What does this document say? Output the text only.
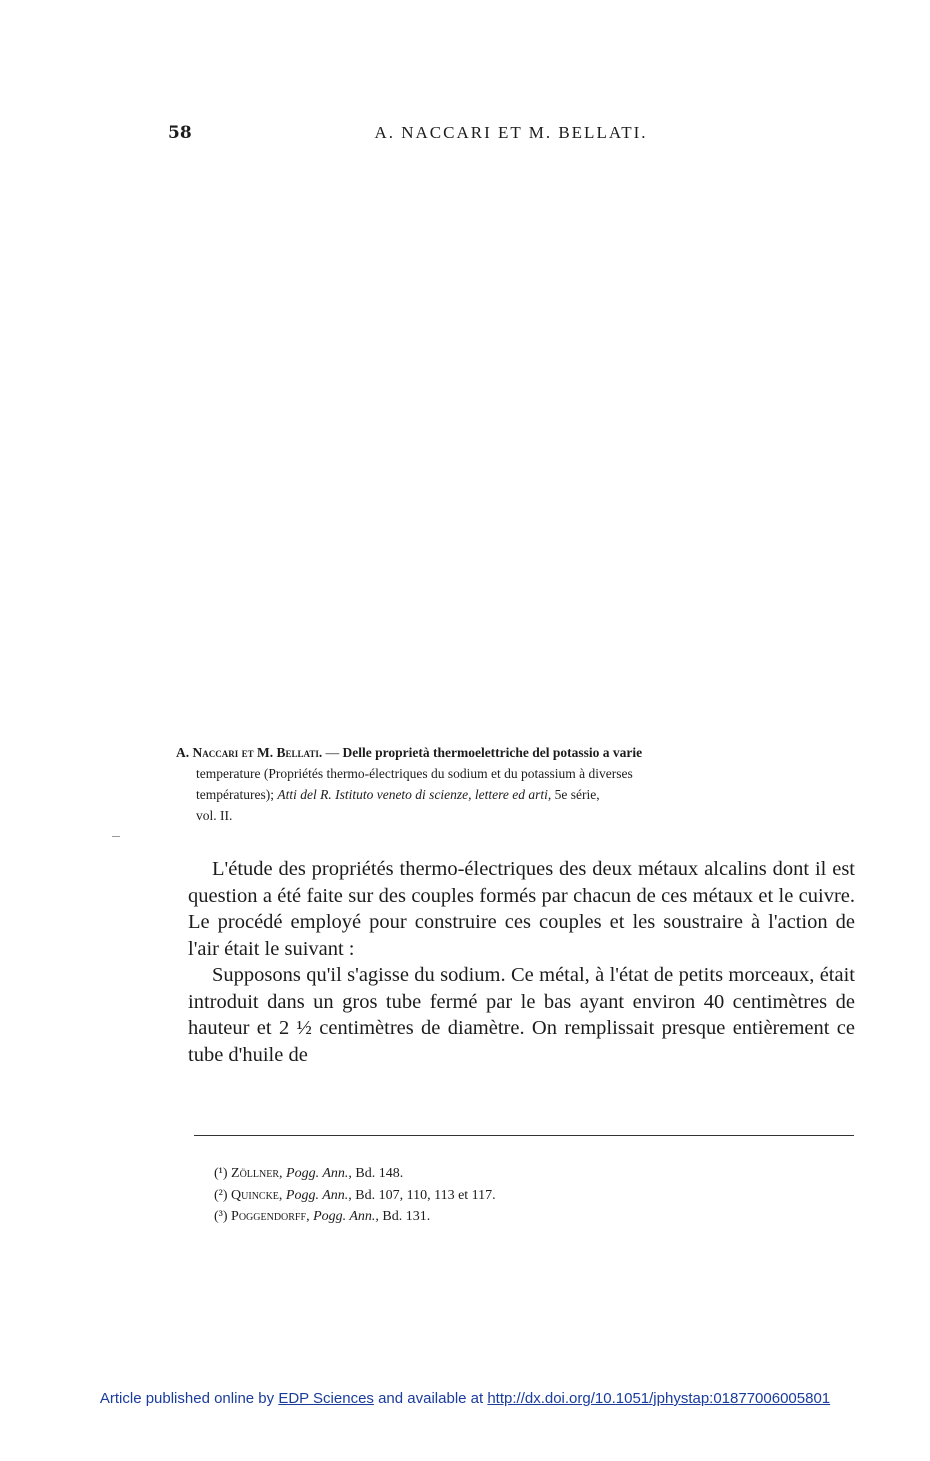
58	A. NACCARI ET M. BELLATI.
A. Naccari et M. Bellati. — Delle proprietà thermoelettriche del potassio a varie
temperature (Propriétés thermo-électriques du sodium et du potassium à diverses
températures); Atti del R. Istituto veneto di scienze, lettere ed arti, 5e série,
vol. II.

L'étude des propriétés thermo-électriques des deux métaux alcalins dont il est question a été faite sur des couples formés par chacun de ces métaux et le cuivre. Le procédé employé pour construire ces couples et les soustraire à l'action de l'air était le suivant :

Supposons qu'il s'agisse du sodium. Ce métal, à l'état de petits morceaux, était introduit dans un gros tube fermé par le bas ayant environ 40 centimètres de hauteur et 2 ½ centimètres de diamètre. On remplissait presque entièrement ce tube d'huile de

(¹) Zöllner, Pogg. Ann., Bd. 148.
(²) Quincke, Pogg. Ann., Bd. 107, 110, 113 et 117.
(³) Poggendorff, Pogg. Ann., Bd. 131.
Article published online by EDP Sciences and available at http://dx.doi.org/10.1051/jphystap:01877006005801
